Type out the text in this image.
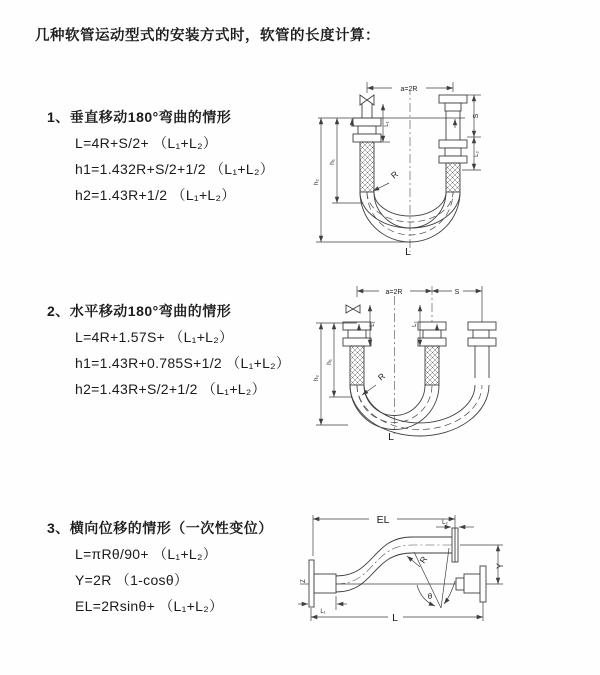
几种软管运动型式的安装方式时，软管的长度计算：
1、垂直移动180°弯曲的情形
L=4R+S/2+ （L₁+L₂）
h1=1.432R+S/2+1/2 （L₁+L₂）
h2=1.43R+1/2 （L₁+L₂）
2、水平移动180°弯曲的情形
L=4R+1.57S+ （L₁+L₂）
h1=1.43R+0.785S+1/2 （L₁+L₂）
h2=1.43R+S/2+1/2 （L₁+L₂）
3、横向位移的情形（一次性变位）
L=πRθ/90+ （L₁+L₂）
Y=2R （1-cosθ）
EL=2Rsinθ+ （L₁+L₂）
a=2R
R
h₁
h₂
L₁
S
L₂
L
a=2R	S
L₁	L₂
R
h₁
h₂
L
Z
EL	L₂
Y
R
θ
L₁	L
